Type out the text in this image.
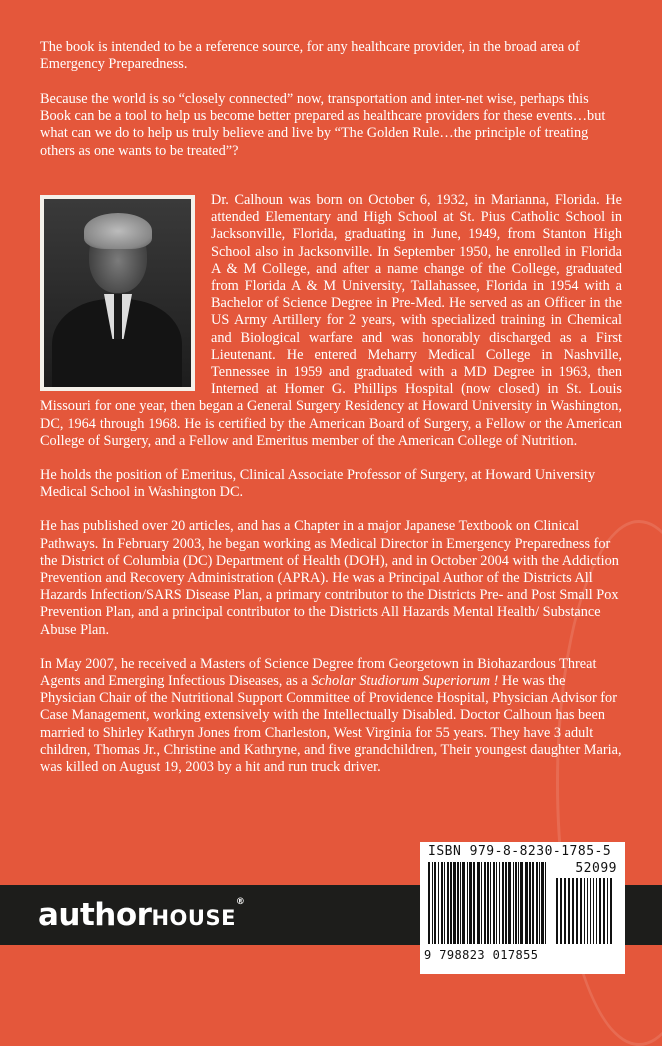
The book is intended to be a reference source, for any healthcare provider, in the broad area of Emergency Preparedness.

Because the world is so “closely connected” now, transportation and inter-net wise, perhaps this Book can be a tool to help us become better prepared as healthcare providers for these events…but what can we do to help us truly believe and live by “The Golden Rule…the principle of treating others as one wants to be treated”?

Dr. Calhoun was born on October 6, 1932, in Marianna, Florida. He attended Elementary and High School at St. Pius Catholic School in Jacksonville, Florida, graduating in June, 1949, from Stanton High School also in Jacksonville. In September 1950, he enrolled in Florida A & M College, and after a name change of the College, graduated from Florida A & M University, Tallahassee, Florida in 1954 with a Bachelor of Science Degree in Pre-Med. He served as an Officer in the US Army Artillery for 2 years, with specialized training in Chemical and Biological warfare and was honorably discharged as a First Lieutenant. He entered Meharry Medical College in Nashville, Tennessee in 1959 and graduated with a MD Degree in 1963, then Interned at Homer G. Phillips Hospital (now closed) in St. Louis Missouri for one year, then began a General Surgery Residency at Howard University in Washington, DC, 1964 through 1968. He is certified by the American Board of Surgery, a Fellow or the American College of Surgery, and a Fellow and Emeritus member of the American College of Nutrition.

He holds the position of Emeritus, Clinical Associate Professor of Surgery, at Howard University Medical School in Washington DC.

He has published over 20 articles, and has a Chapter in a major Japanese Textbook on Clinical Pathways. In February 2003, he began working as Medical Director in Emergency Preparedness for the District of Columbia (DC) Department of Health (DOH), and in October 2004 with the Addiction Prevention and Recovery Administration (APRA). He was a Principal Author of the Districts All Hazards Infection/SARS Disease Plan, a primary contributor to the Districts Pre- and Post Small Pox Prevention Plan, and a principal contributor to the Districts All Hazards Mental Health/ Substance Abuse Plan.

In May 2007, he received a Masters of Science Degree from Georgetown in Biohazardous Threat Agents and Emerging Infectious Diseases, as a Scholar Studiorum Superiorum ! He was the Physician Chair of the Nutritional Support Committee of Providence Hospital, Physician Advisor for Case Management, working extensively with the Intellectually Disabled. Doctor Calhoun has been married to Shirley Kathryn Jones from Charleston, West Virginia for 55 years. They have 3 adult children, Thomas Jr., Christine and Kathryne, and five grandchildren, Their youngest daughter Maria, was killed on August 19, 2003 by a hit and run truck driver.

authorHOUSE®
ISBN 979-8-8230-1785-5
52099
9 798823 017855
